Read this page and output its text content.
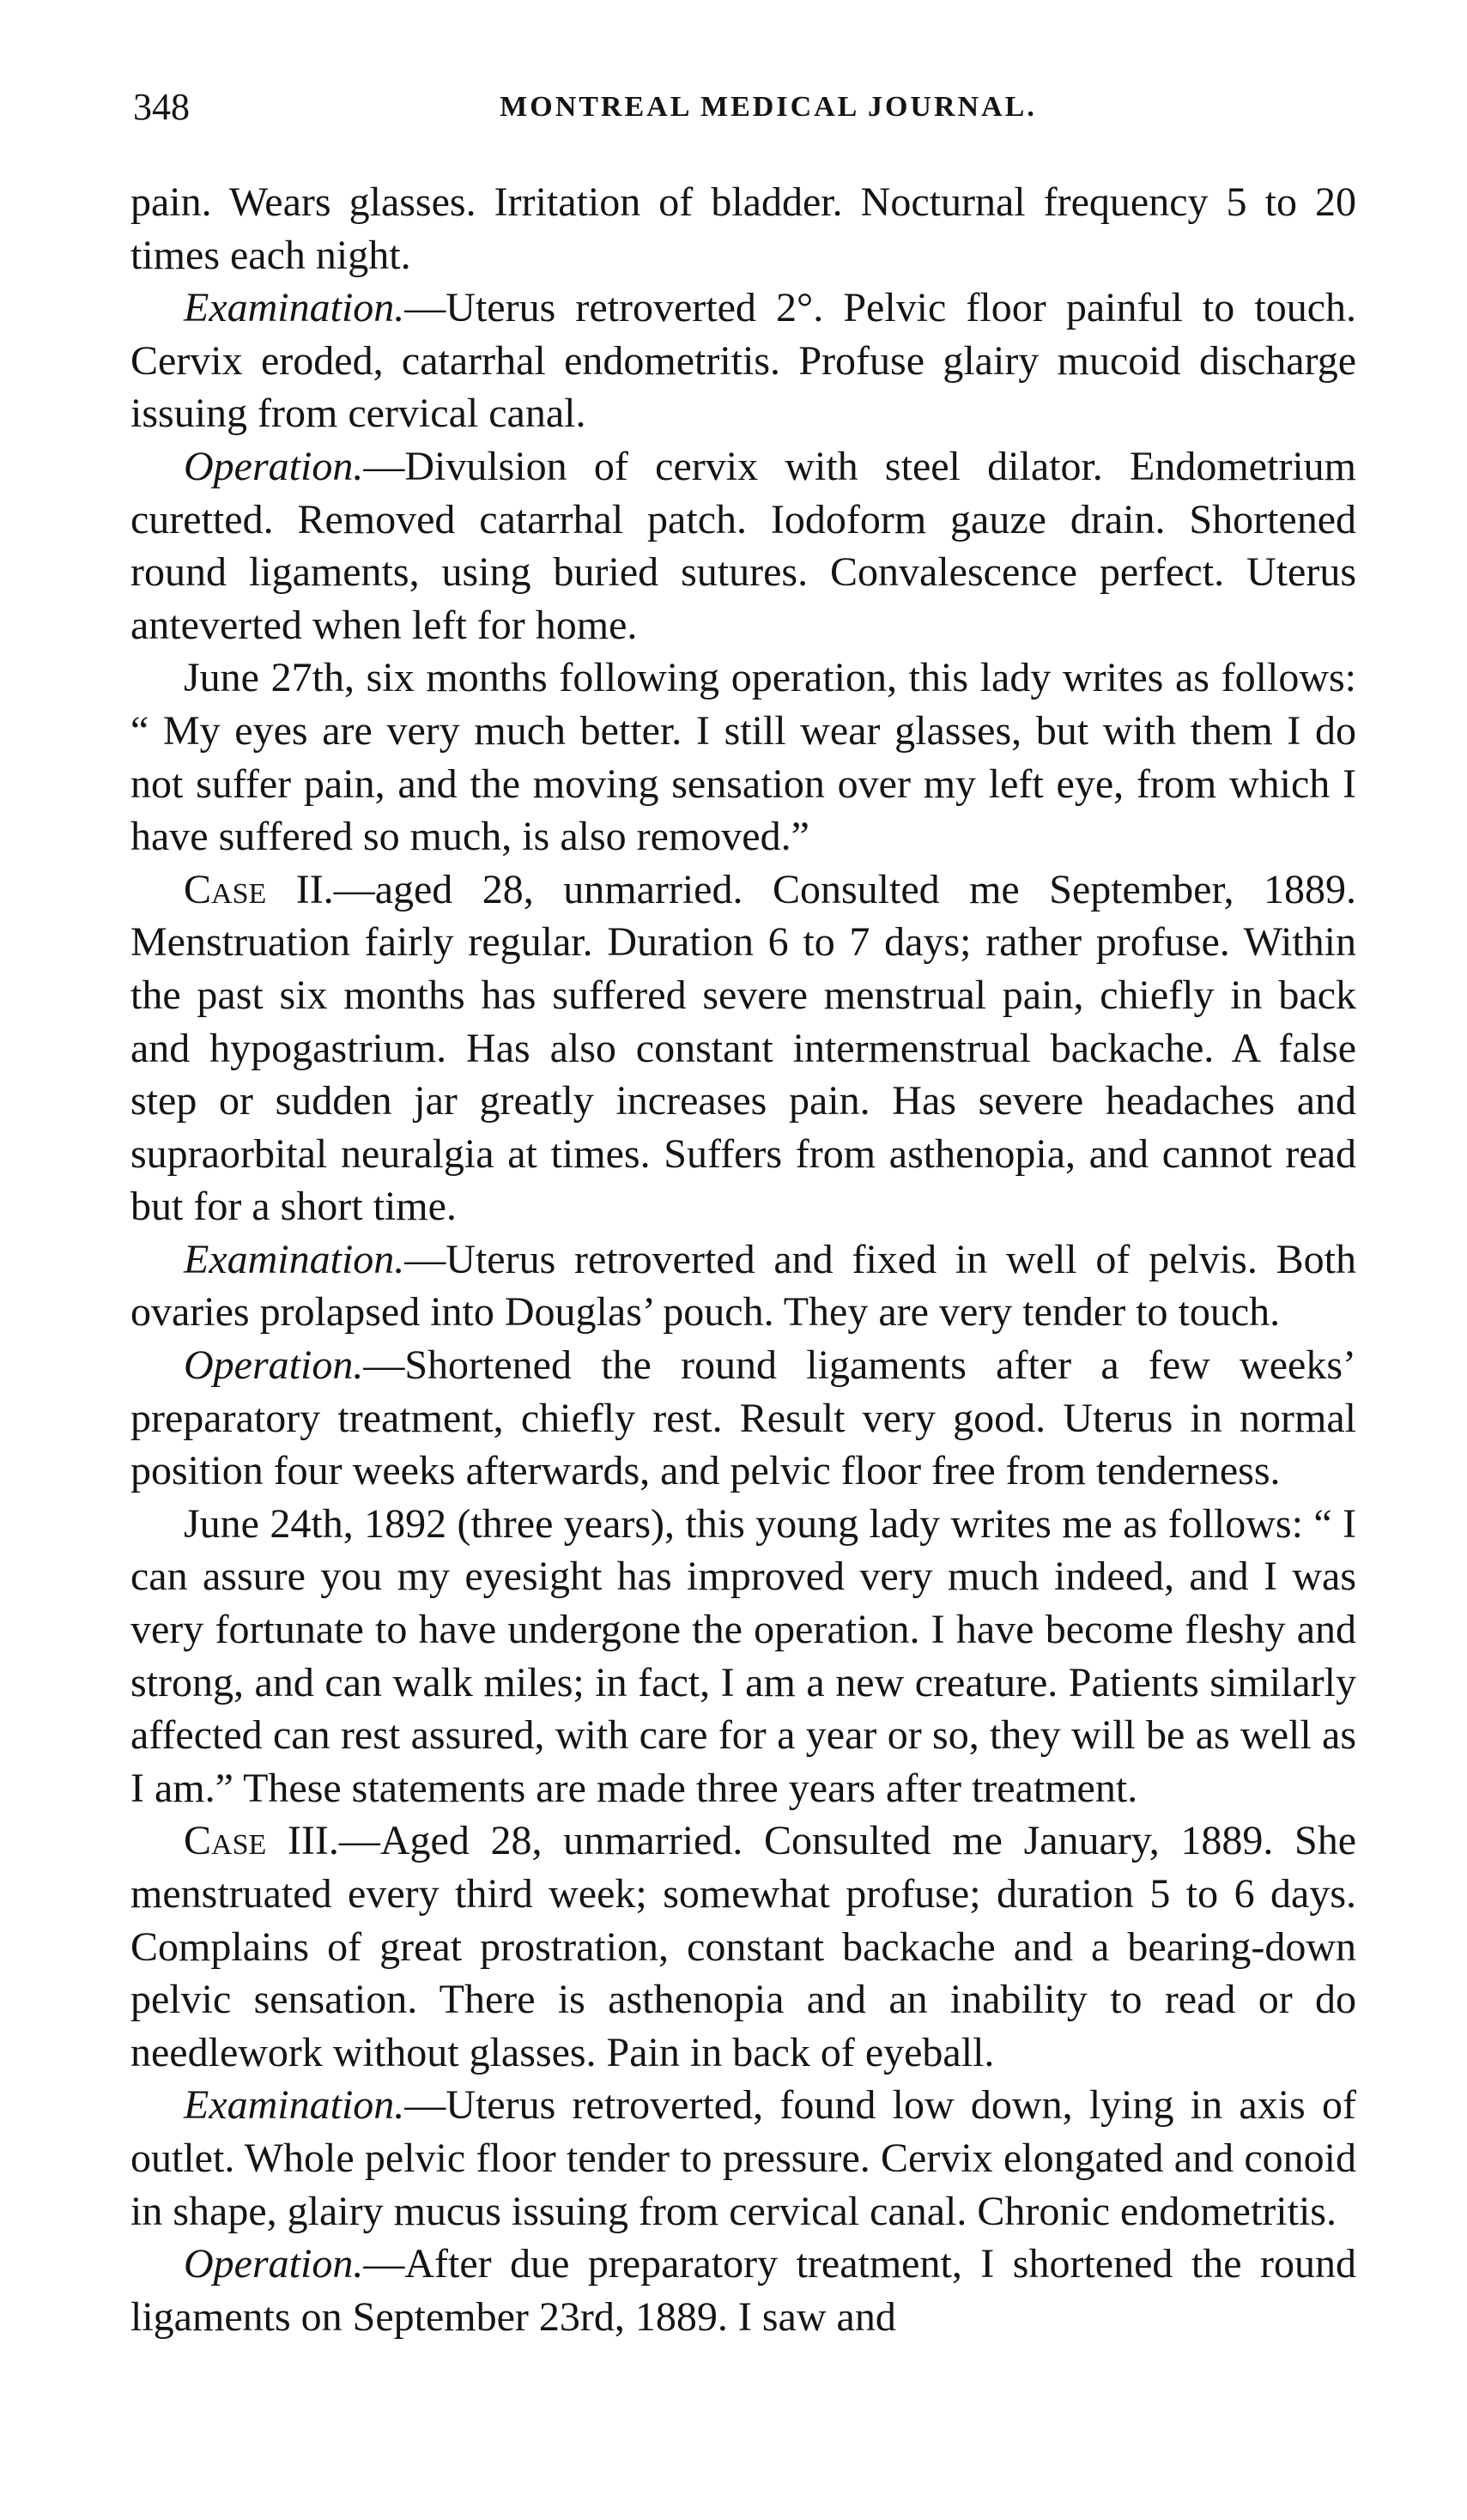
348	MONTREAL MEDICAL JOURNAL.

pain. Wears glasses. Irritation of bladder. Nocturnal frequency 5 to 20 times each night.

Examination.—Uterus retroverted 2°. Pelvic floor painful to touch. Cervix eroded, catarrhal endometritis. Profuse glairy mucoid discharge issuing from cervical canal.

Operation.—Divulsion of cervix with steel dilator. Endometrium curetted. Removed catarrhal patch. Iodoform gauze drain. Shortened round ligaments, using buried sutures. Convalescence perfect. Uterus anteverted when left for home.

June 27th, six months following operation, this lady writes as follows: “ My eyes are very much better. I still wear glasses, but with them I do not suffer pain, and the moving sensation over my left eye, from which I have suffered so much, is also removed.”

Case II.—aged 28, unmarried. Consulted me September, 1889. Menstruation fairly regular. Duration 6 to 7 days; rather profuse. Within the past six months has suffered severe menstrual pain, chiefly in back and hypogastrium. Has also constant intermenstrual backache. A false step or sudden jar greatly increases pain. Has severe headaches and supraorbital neuralgia at times. Suffers from asthenopia, and cannot read but for a short time.

Examination.—Uterus retroverted and fixed in well of pelvis. Both ovaries prolapsed into Douglas’ pouch. They are very tender to touch.

Operation.—Shortened the round ligaments after a few weeks’ preparatory treatment, chiefly rest. Result very good. Uterus in normal position four weeks afterwards, and pelvic floor free from tenderness.

June 24th, 1892 (three years), this young lady writes me as follows: “ I can assure you my eyesight has improved very much indeed, and I was very fortunate to have undergone the operation. I have become fleshy and strong, and can walk miles; in fact, I am a new creature. Patients similarly affected can rest assured, with care for a year or so, they will be as well as I am.” These statements are made three years after treatment.

Case III.—Aged 28, unmarried. Consulted me January, 1889. She menstruated every third week; somewhat profuse; duration 5 to 6 days. Complains of great prostration, constant backache and a bearing-down pelvic sensation. There is asthenopia and an inability to read or do needlework without glasses. Pain in back of eyeball.

Examination.—Uterus retroverted, found low down, lying in axis of outlet. Whole pelvic floor tender to pressure. Cervix elongated and conoid in shape, glairy mucus issuing from cervical canal. Chronic endometritis.

Operation.—After due preparatory treatment, I shortened the round ligaments on September 23rd, 1889. I saw and
